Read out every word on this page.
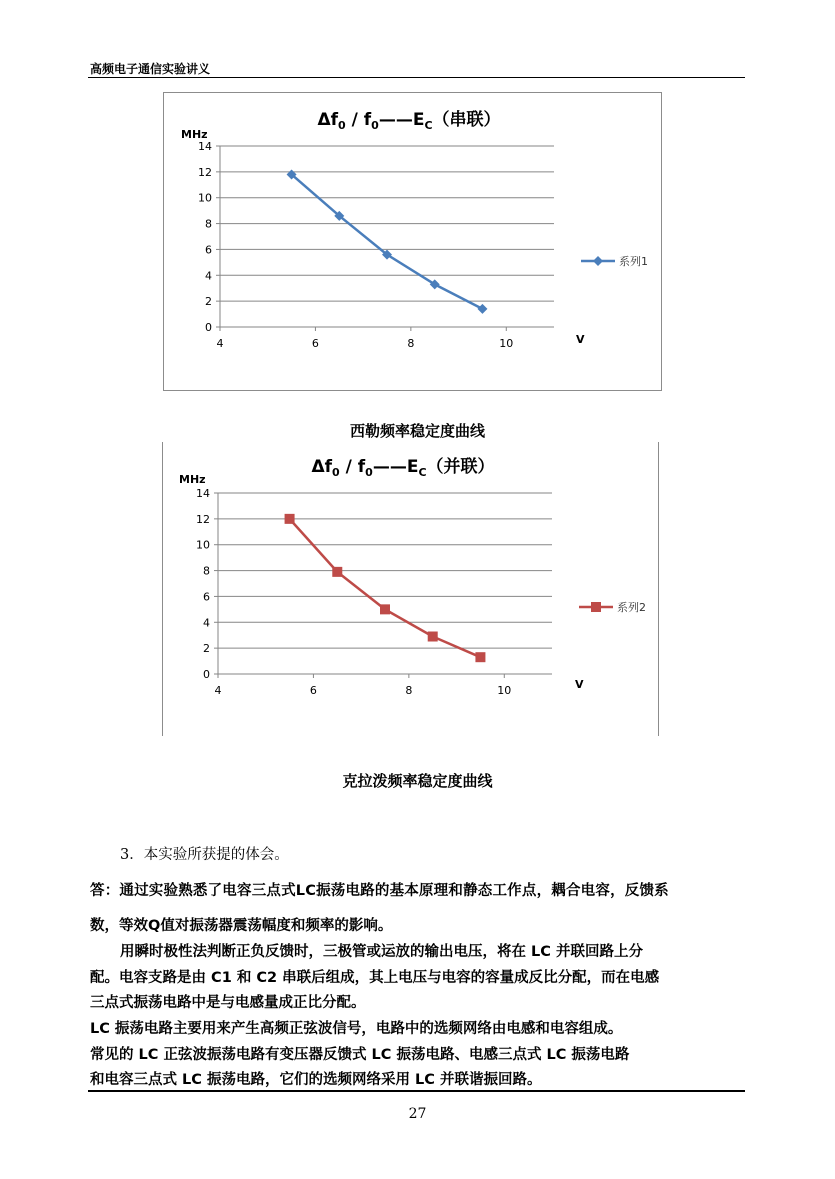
高频电子通信实验讲义
0
2
4
6
8
10
12
14
4	6	8	10
$\Delta f_0$ / $f_0——E_C$（串联）
MHz
V
系列1
西勒频率稳定度曲线
0
2
4
6
8
10
12
14
4	6	8	10
$\Delta f_0$ / $f_0——E_C$（并联）
MHz
V
系列2
克拉泼频率稳定度曲线
3．本实验所获提的体会。
答：通过实验熟悉了电容三点式LC振荡电路的基本原理和静态工作点，耦合电容，反馈系
数，等效Q值对振荡器震荡幅度和频率的影响。
用瞬时极性法判断正负反馈时，三极管或运放的输出电压，将在 LC 并联回路上分
配。电容支路是由 C1 和 C2 串联后组成，其上电压与电容的容量成反比分配，而在电感
三点式振荡电路中是与电感量成正比分配。
LC 振荡电路主要用来产生高频正弦波信号，电路中的选频网络由电感和电容组成。
常见的 LC 正弦波振荡电路有变压器反馈式 LC 振荡电路、电感三点式 LC 振荡电路
和电容三点式 LC 振荡电路，它们的选频网络采用 LC 并联谐振回路。
27
